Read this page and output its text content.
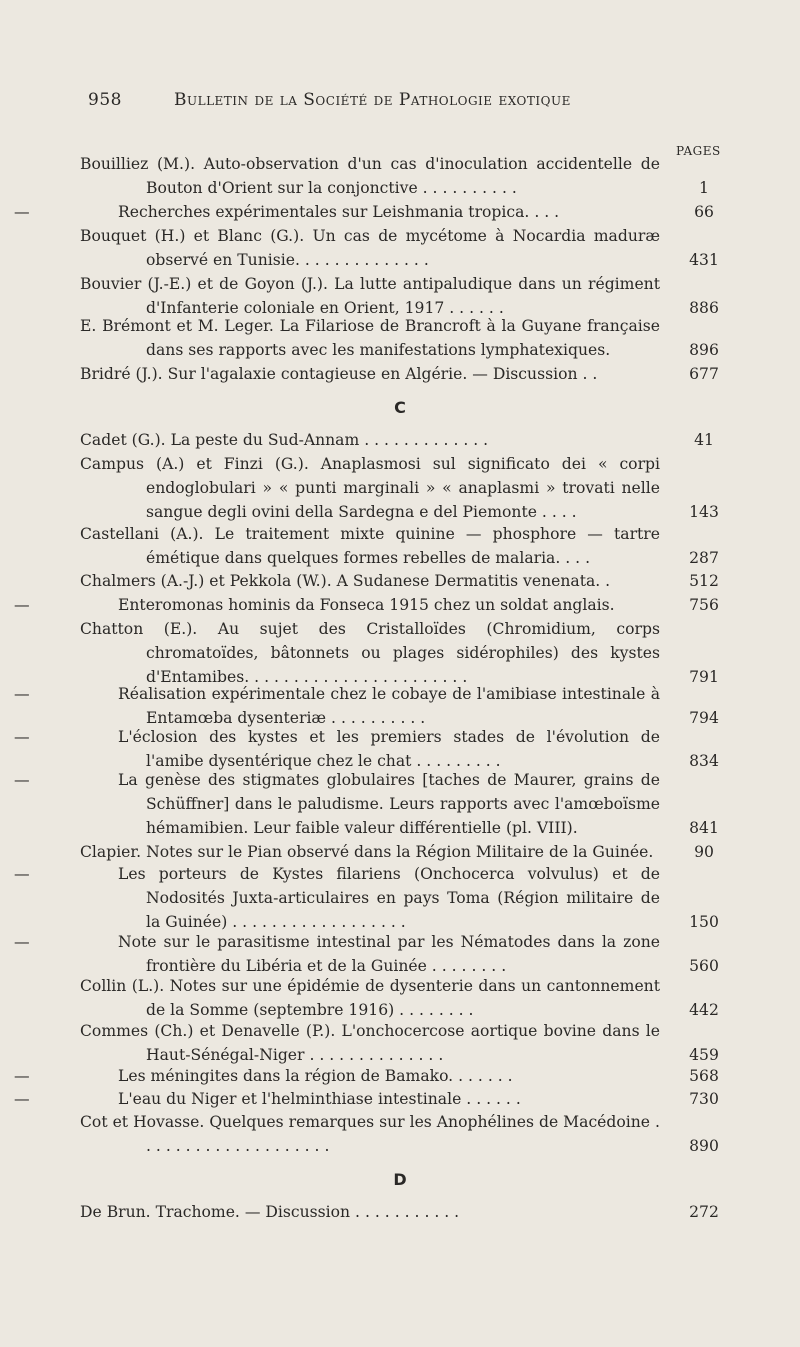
958	Bulletin de la Société de Pathologie exotique
PAGES
Bouilliez (M.). Auto-observation d'un cas d'inoculation accidentelle de Bouton d'Orient sur la conjonctive . . . . . . . . . .	1
—	Recherches expérimentales sur Leishmania tropica. . . .	66
Bouquet (H.) et Blanc (G.). Un cas de mycétome à Nocardia maduræ observé en Tunisie. . . . . . . . . . . . . .	431
Bouvier (J.-E.) et de Goyon (J.). La lutte antipaludique dans un régiment d'Infanterie coloniale en Orient, 1917 . . . . . .	886
E. Brémont et M. Leger. La Filariose de Brancroft à la Guyane française dans ses rapports avec les manifestations lymphatexiques.	896
Bridré (J.). Sur l'agalaxie contagieuse en Algérie. — Discussion . .	677
C
Cadet (G.). La peste du Sud-Annam . . . . . . . . . . . . .	41
Campus (A.) et Finzi (G.). Anaplasmosi sul significato dei « corpi endoglobulari » « punti marginali » « anaplasmi » trovati nelle sangue degli ovini della Sardegna e del Piemonte . . . .	143
Castellani (A.). Le traitement mixte quinine — phosphore — tartre émétique dans quelques formes rebelles de malaria. . . .	287
Chalmers (A.-J.) et Pekkola (W.). A Sudanese Dermatitis venenata. .	512
—	Enteromonas hominis da Fonseca 1915 chez un soldat anglais.	756
Chatton (E.). Au sujet des Cristalloïdes (Chromidium, corps chromatoïdes, bâtonnets ou plages sidérophiles) des kystes d'Entamibes. . . . . . . . . . . . . . . . . . . . . . .	791
—	Réalisation expérimentale chez le cobaye de l'amibiase intestinale à Entamœba dysenteriæ . . . . . . . . . .	794
—	L'éclosion des kystes et les premiers stades de l'évolution de l'amibe dysentérique chez le chat . . . . . . . . .	834
—	La genèse des stigmates globulaires [taches de Maurer, grains de Schüffner] dans le paludisme. Leurs rapports avec l'amœboïsme hémamibien. Leur faible valeur différentielle (pl. VIII).	841
Clapier. Notes sur le Pian observé dans la Région Militaire de la Guinée.	90
—	Les porteurs de Kystes filariens (Onchocerca volvulus) et de Nodosités Juxta-articulaires en pays Toma (Région militaire de la Guinée) . . . . . . . . . . . . . . . . . .	150
—	Note sur le parasitisme intestinal par les Nématodes dans la zone frontière du Libéria et de la Guinée . . . . . . . .	560
Collin (L.). Notes sur une épidémie de dysenterie dans un cantonnement de la Somme (septembre 1916) . . . . . . . .	442
Commes (Ch.) et Denavelle (P.). L'onchocercose aortique bovine dans le Haut-Sénégal-Niger . . . . . . . . . . . . . .	459
—	Les méningites dans la région de Bamako. . . . . . .	568
—	L'eau du Niger et l'helminthiase intestinale . . . . . .	730
Cot et Hovasse. Quelques remarques sur les Anophélines de Macédoine . . . . . . . . . . . . . . . . . . . .	890
D
De Brun. Trachome. — Discussion . . . . . . . . . . .	272
